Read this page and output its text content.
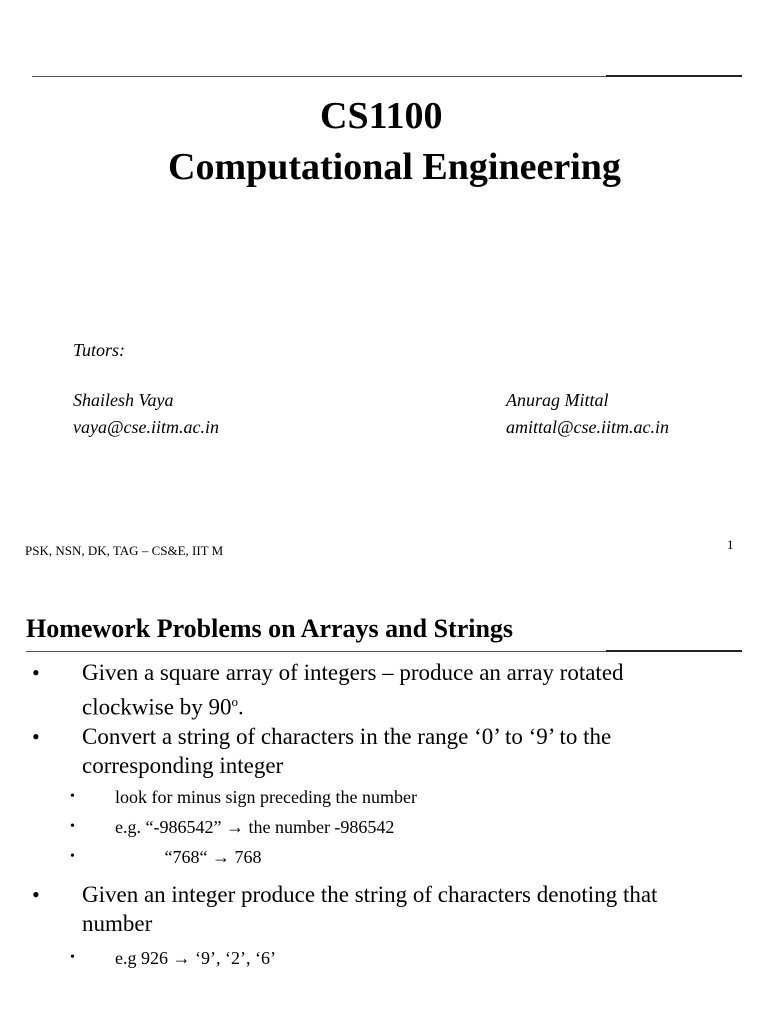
CS1100
Computational Engineering
Tutors:
Shailesh Vaya
vaya@cse.iitm.ac.in
Anurag Mittal
amittal@cse.iitm.ac.in
PSK, NSN, DK, TAG – CS&E, IIT M	1
Homework Problems on Arrays and Strings
• Given a square array of integers – produce an array rotated
clockwise by 90$^o$.
• Convert a string of characters in the range ‘0’ to ‘9’ to the
corresponding integer
• look for minus sign preceding the number
• e.g. “-986542” → the number -986542
• “768“ → 768
• Given an integer produce the string of characters denoting that
number
• e.g 926 → ‘9’, ‘2’, ‘6’
